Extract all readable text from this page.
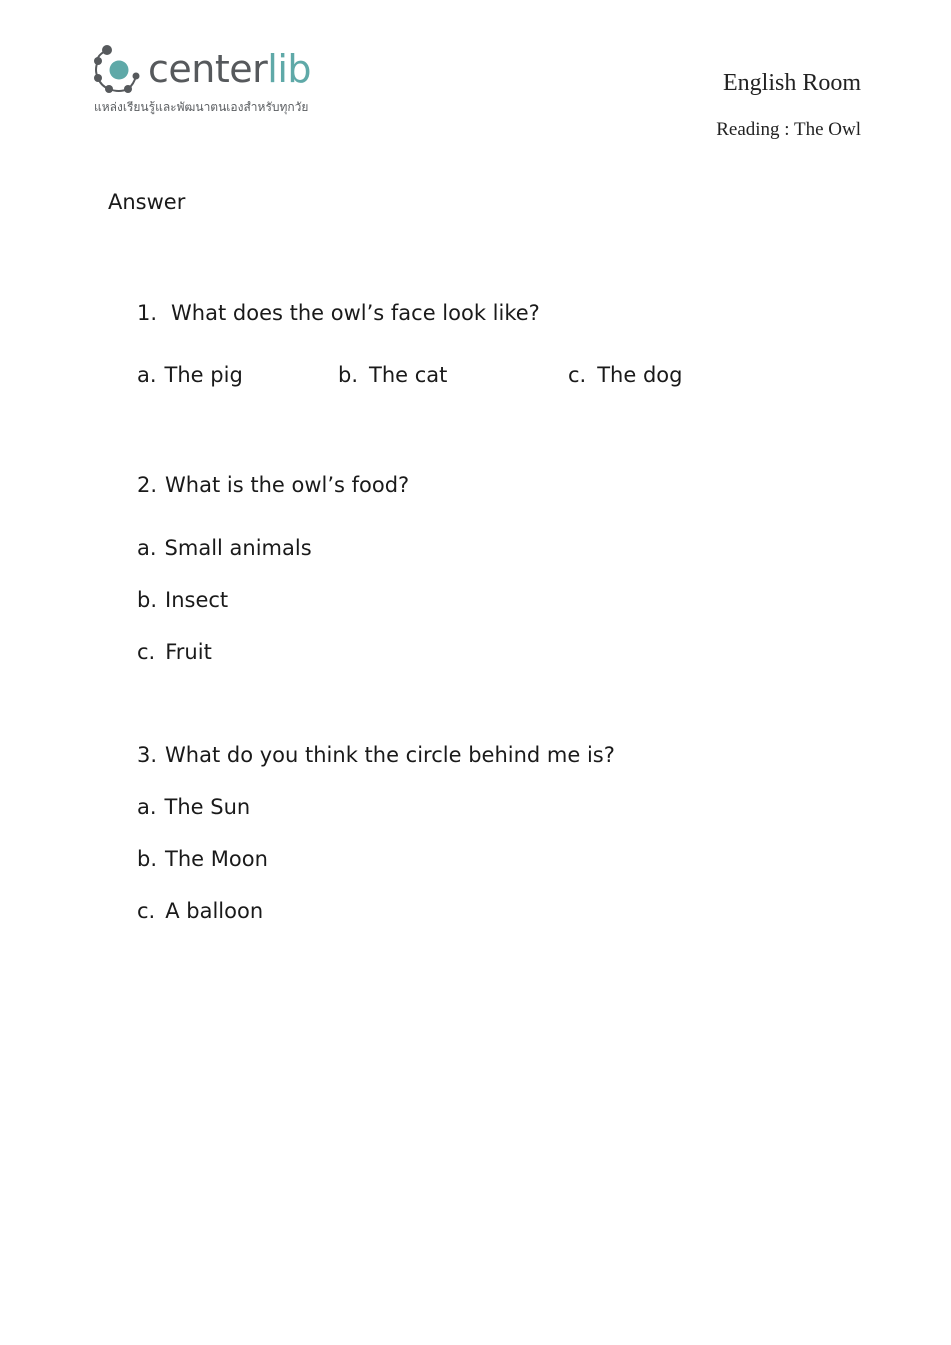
centerlib
แหล่งเรียนรู้และพัฒนาตนเองสำหรับทุกวัย
English Room
Reading : The Owl
Answer
1. What does the owl’s face look like?
a. The pig	b. The cat	c. The dog
2. What is the owl’s food?
a. Small animals
b. Insect
c. Fruit
3. What do you think the circle behind me is?
a. The Sun
b. The Moon
c. A balloon
